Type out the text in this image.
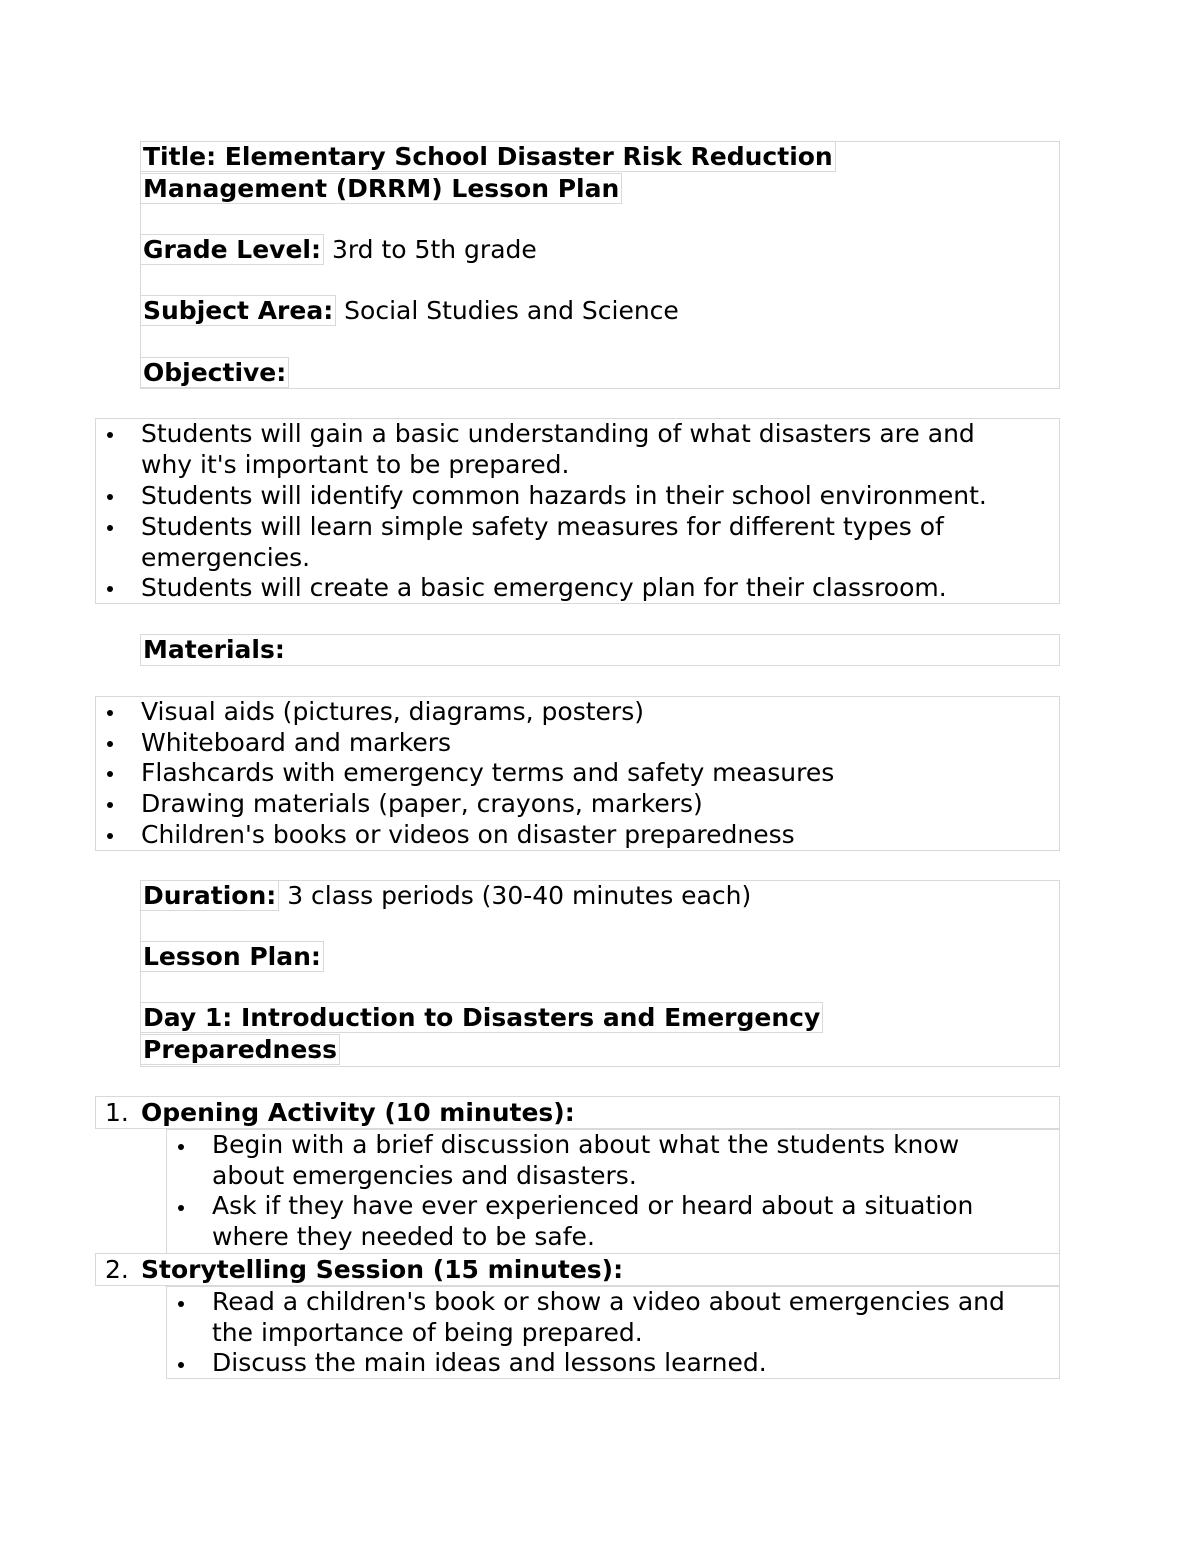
Title: Elementary School Disaster Risk Reduction
Management (DRRM) Lesson Plan
Grade Level: 3rd to 5th grade
Subject Area: Social Studies and Science
Objective:
Students will gain a basic understanding of what disasters are and
why it's important to be prepared.
Students will identify common hazards in their school environment.
Students will learn simple safety measures for different types of
emergencies.
Students will create a basic emergency plan for their classroom.
Materials:
Visual aids (pictures, diagrams, posters)
Whiteboard and markers
Flashcards with emergency terms and safety measures
Drawing materials (paper, crayons, markers)
Children's books or videos on disaster preparedness
Duration: 3 class periods (30-40 minutes each)
Lesson Plan:
Day 1: Introduction to Disasters and Emergency
Preparedness
1. Opening Activity (10 minutes):
Begin with a brief discussion about what the students know
about emergencies and disasters.
Ask if they have ever experienced or heard about a situation
where they needed to be safe.
2. Storytelling Session (15 minutes):
Read a children's book or show a video about emergencies and
the importance of being prepared.
Discuss the main ideas and lessons learned.
